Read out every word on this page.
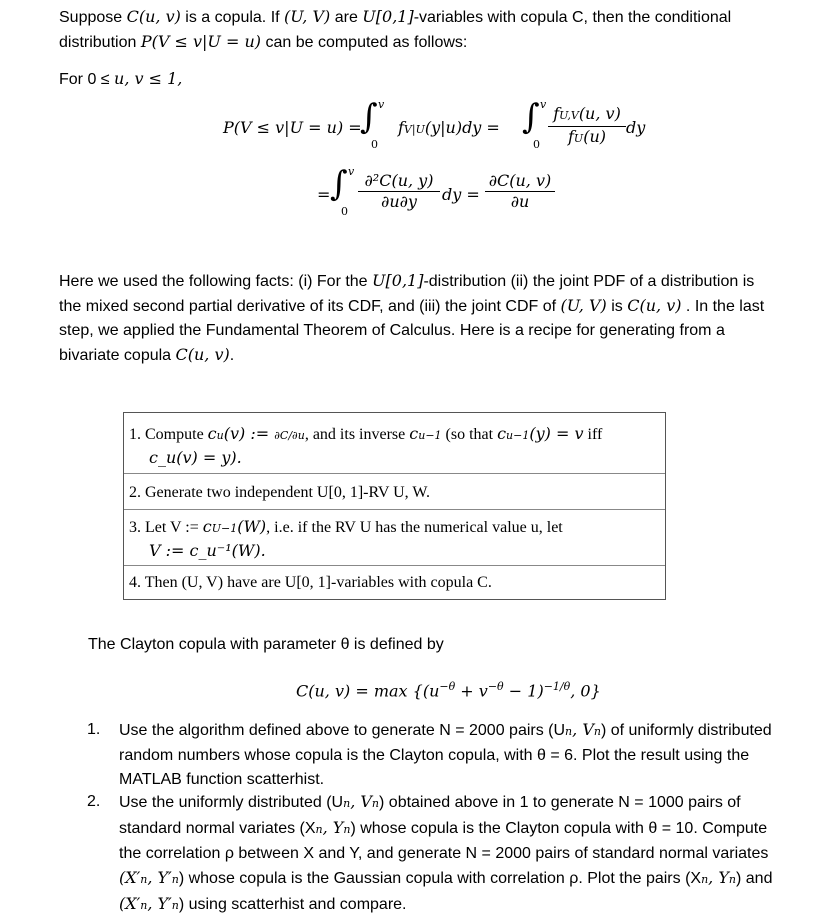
Suppose C(u, v) is a copula. If (U, V) are U[0,1]-variables with copula C, then the conditional
distribution P(V ≤ v|U = u) can be computed as follows:
For 0 ≤ u, v ≤ 1,
P(V ≤ v|U = u) =
∫ v
0
fV|U(y|u)dy = ∫ v
$0 \frac{fU,V(u, v)}{fU(u)}$ dy
= ∫ v
$0 \frac{\text{∂²C(u, y)}}{\partial u\partial y}$ dy = $\frac{\partial C(u, v)}{\partial u}$
Here we used the following facts: (i) For the U[0,1]-distribution (ii) the joint PDF of a distribution is
the mixed second partial derivative of its CDF, and (iii) the joint CDF of (U, V) is C(u, v) . In the last
step, we applied the Fundamental Theorem of Calculus. Here is a recipe for generating from a
bivariate copula C(u, v).
1. Compute cu(v) := ∂C/∂u, and its inverse cu−1 (so that cu−1(y) = v iff
c_u(v) = y).
2. Generate two independent U[0, 1]-RV U, W.
3. Let V := cU−1(W), i.e. if the RV U has the numerical value u, let
V := c_u⁻¹(W).
4. Then (U, V) have are U[0, 1]-variables with copula C.
The Clayton copula with parameter θ is defined by
C(u, $v) = \max \{(u^{-\theta} + v^{-\theta} - 1)^{-1/\theta}$, 0}
1. Use the algorithm defined above to generate N = 2000 pairs (Un, Vn) of uniformly distributed
random numbers whose copula is the Clayton copula, with θ = 6. Plot the result using the
MATLAB function scatterhist.
2. Use the uniformly distributed (Un, Vn) obtained above in 1 to generate N = 1000 pairs of
standard normal variates (Xn, Yn) whose copula is the Clayton copula with θ = 10. Compute
the correlation ρ between X and Y, and generate N = 2000 pairs of standard normal variates
(X′n, Y′n) whose copula is the Gaussian copula with correlation ρ. Plot the pairs (Xn, Yn) and
(X′n, Y′n) using scatterhist and compare.
